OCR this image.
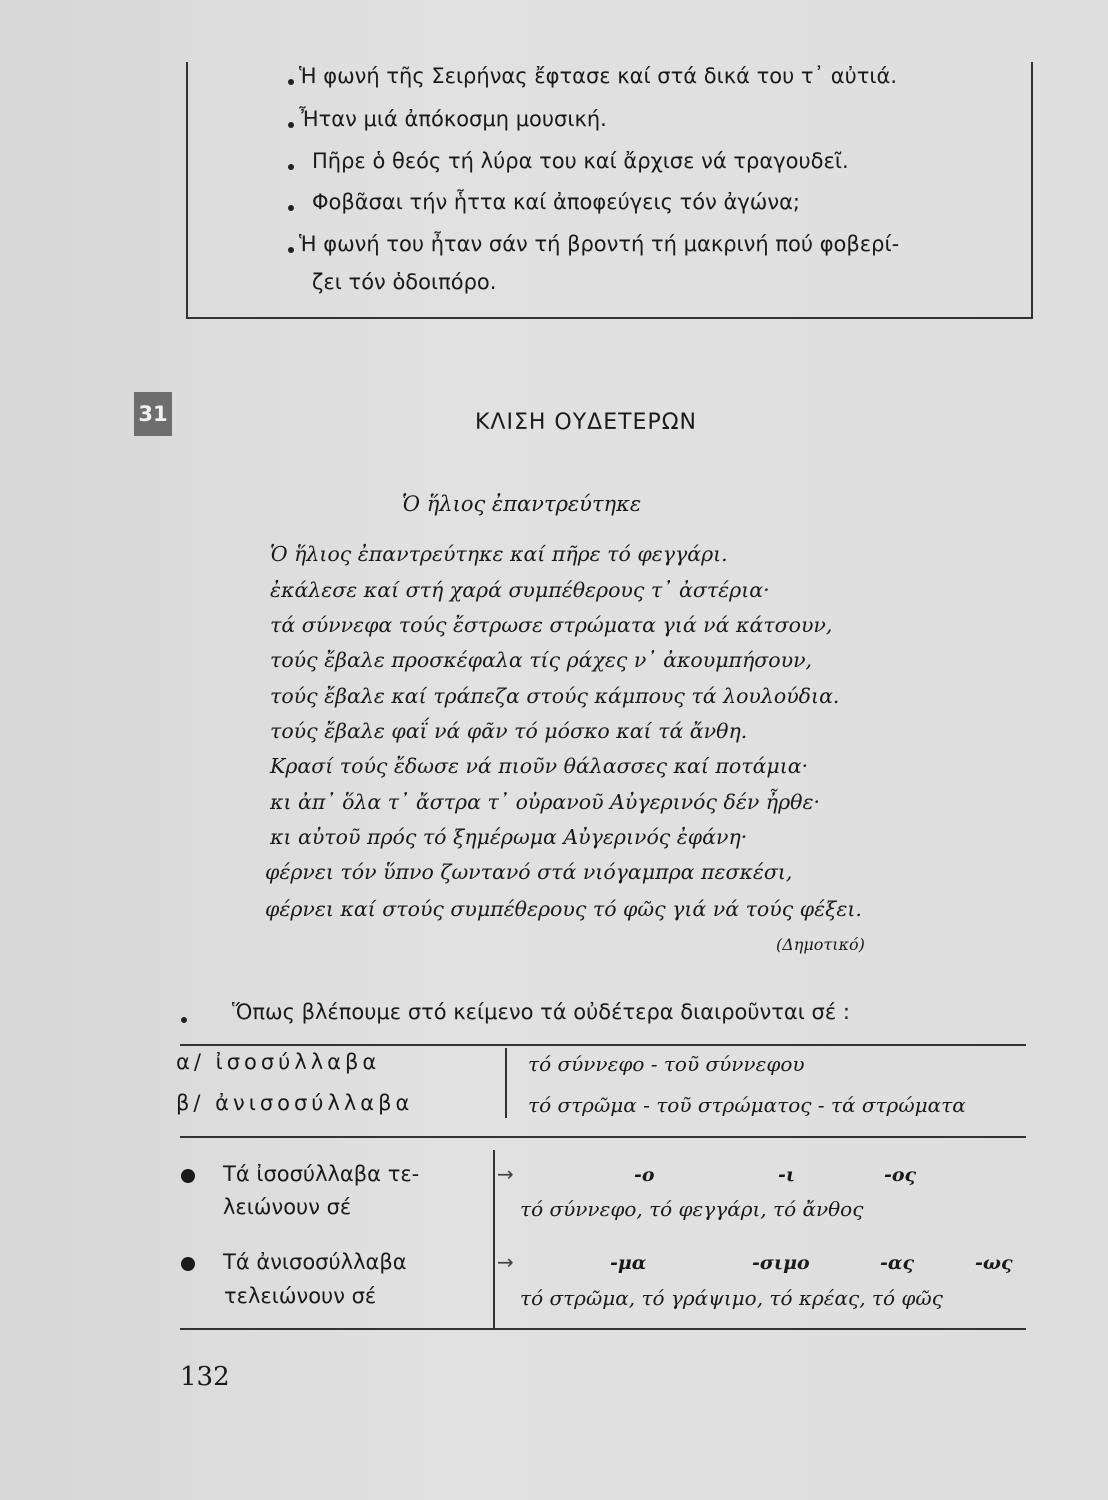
Ἡ φωνή τῆς Σειρήνας ἔφτασε καί στά δικά του τ᾽ αὐτιά.
Ἦταν μιά ἀπόκοσμη μουσική.
Πῆρε ὁ θεός τή λύρα του καί ἄρχισε νά τραγουδεῖ.
Φοβᾶσαι τήν ἧττα καί ἀποφεύγεις τόν ἀγώνα;
Ἡ φωνή του ἦταν σάν τή βροντή τή μακρινή πού φοβερί-
ζει τόν ὁδοιπόρο.
31	ΚΛΙΣΗ ΟΥΔΕΤΕΡΩΝ
Ὁ ἥλιος ἐπαντρεύτηκε
Ὁ ἥλιος ἐπαντρεύτηκε καί πῆρε τό φεγγάρι.
ἐκάλεσε καί στή χαρά συμπέθερους τ᾽ ἀστέρια·
τά σύννεφα τούς ἔστρωσε στρώματα γιά νά κάτσουν,
τούς ἔβαλε προσκέφαλα τίς ράχες ν᾽ ἀκουμπήσουν,
τούς ἔβαλε καί τράπεζα στούς κάμπους τά λουλούδια.
τούς ἔβαλε φαΐ νά φᾶν τό μόσκο καί τά ἄνθη.
Κρασί τούς ἔδωσε νά πιοῦν θάλασσες καί ποτάμια·
κι ἀπ᾽ ὅλα τ᾽ ἄστρα τ᾽ οὐρανοῦ Αὐγερινός δέν ἦρθε·
κι αὐτοῦ πρός τό ξημέρωμα Αὐγερινός ἐφάνη·
φέρνει τόν ὕπνο ζωντανό στά νιόγαμπρα πεσκέσι,
φέρνει καί στούς συμπέθερους τό φῶς γιά νά τούς φέξει.
(Δημοτικό)
Ὅπως βλέπουμε στό κείμενο τά οὐδέτερα διαιροῦνται σέ :
α/ ἰσοσύλλαβα	τό σύννεφο - τοῦ σύννεφου
β/ ἀνισοσύλλαβα	τό στρῶμα - τοῦ στρώματος - τά στρώματα
Τά ἰσοσύλλαβα τε-
λειώνουν σέ
→	-ο	-ι	-ος
τό σύννεφο, τό φεγγάρι, τό ἄνθος
Τά ἀνισοσύλλαβα
τελειώνουν σέ
→	-μα	-σιμο	-ας	-ως
τό στρῶμα, τό γράψιμο, τό κρέας, τό φῶς
132
